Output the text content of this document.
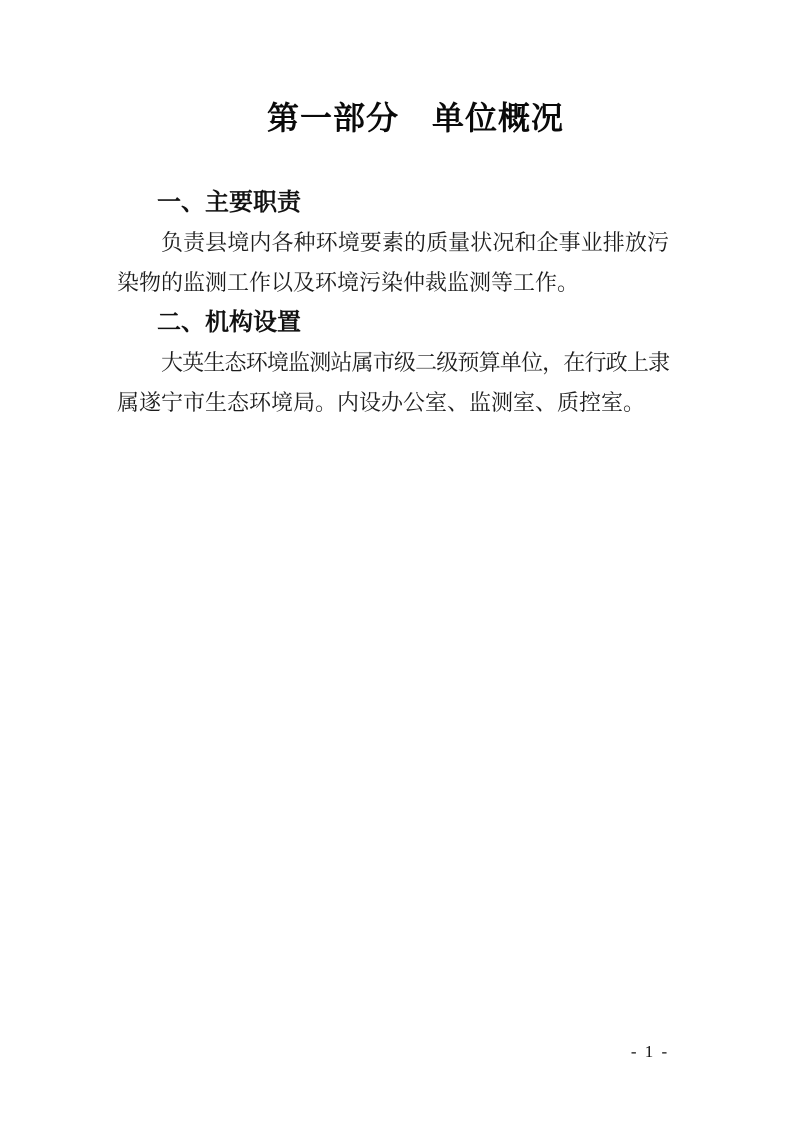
第一部分　单位概况
一、主要职责

负责县境内各种环境要素的质量状况和企事业排放污

染物的监测工作以及环境污染仲裁监测等工作。

二、机构设置

大英生态环境监测站属市级二级预算单位，在行政上隶

属遂宁市生态环境局。内设办公室、监测室、质控室。

- 1 -
